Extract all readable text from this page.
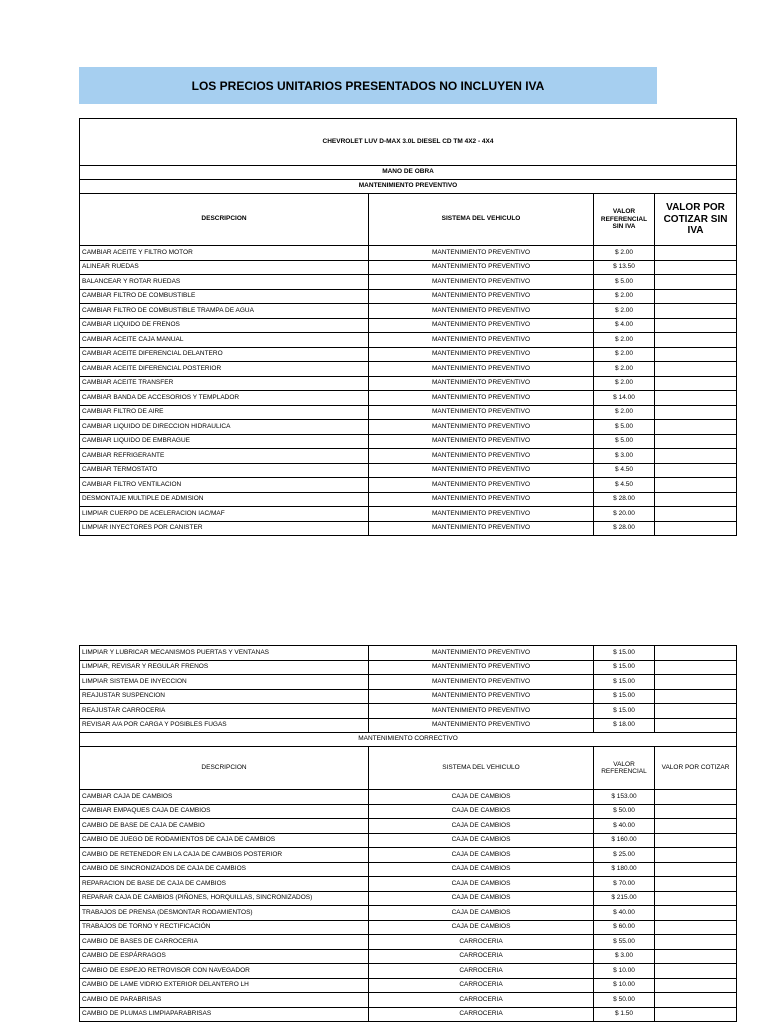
LOS PRECIOS UNITARIOS PRESENTADOS NO INCLUYEN IVA
CHEVROLET LUV D-MAX 3.0L DIESEL CD TM 4X2 - 4X4			
MANO DE OBRA			
MANTENIMIENTO PREVENTIVO			
DESCRIPCION	SISTEMA DEL VEHICULO	VALOR REFERENCIAL SIN IVA	VALOR POR COTIZAR SIN IVA
CAMBIAR ACEITE Y FILTRO MOTOR	MANTENIMIENTO PREVENTIVO	$ 2.00	
ALINEAR RUEDAS	MANTENIMIENTO PREVENTIVO	$ 13.50	
BALANCEAR Y ROTAR RUEDAS	MANTENIMIENTO PREVENTIVO	$ 5.00	
CAMBIAR FILTRO DE COMBUSTIBLE	MANTENIMIENTO PREVENTIVO	$ 2.00	
CAMBIAR FILTRO DE COMBUSTIBLE TRAMPA DE AGUA	MANTENIMIENTO PREVENTIVO	$ 2.00	
CAMBIAR LIQUIDO DE FRENOS	MANTENIMIENTO PREVENTIVO	$ 4.00	
CAMBIAR ACEITE CAJA MANUAL	MANTENIMIENTO PREVENTIVO	$ 2.00	
CAMBIAR ACEITE DIFERENCIAL DELANTERO	MANTENIMIENTO PREVENTIVO	$ 2.00	
CAMBIAR ACEITE DIFERENCIAL POSTERIOR	MANTENIMIENTO PREVENTIVO	$ 2.00	
CAMBIAR ACEITE TRANSFER	MANTENIMIENTO PREVENTIVO	$ 2.00	
CAMBIAR BANDA DE ACCESORIOS Y TEMPLADOR	MANTENIMIENTO PREVENTIVO	$ 14.00	
CAMBIAR FILTRO DE AIRE	MANTENIMIENTO PREVENTIVO	$ 2.00	
CAMBIAR LIQUIDO DE DIRECCION HIDRAULICA	MANTENIMIENTO PREVENTIVO	$ 5.00	
CAMBIAR LIQUIDO DE EMBRAGUE	MANTENIMIENTO PREVENTIVO	$ 5.00	
CAMBIAR REFRIGERANTE	MANTENIMIENTO PREVENTIVO	$ 3.00	
CAMBIAR TERMOSTATO	MANTENIMIENTO PREVENTIVO	$ 4.50	
CAMBIAR FILTRO VENTILACION	MANTENIMIENTO PREVENTIVO	$ 4.50	
DESMONTAJE MULTIPLE DE ADMISION	MANTENIMIENTO PREVENTIVO	$ 28.00	
LIMPIAR CUERPO DE ACELERACION IAC/MAF	MANTENIMIENTO PREVENTIVO	$ 20.00	
LIMPIAR INYECTORES POR CANISTER	MANTENIMIENTO PREVENTIVO	$ 28.00	
LIMPIAR Y LUBRICAR MECANISMOS PUERTAS Y VENTANAS	MANTENIMIENTO PREVENTIVO	$ 15.00	
LIMPIAR, REVISAR Y REGULAR FRENOS	MANTENIMIENTO PREVENTIVO	$ 15.00	
LIMPIAR SISTEMA DE INYECCION	MANTENIMIENTO PREVENTIVO	$ 15.00	
REAJUSTAR SUSPENCION	MANTENIMIENTO PREVENTIVO	$ 15.00	
REAJUSTAR CARROCERIA	MANTENIMIENTO PREVENTIVO	$ 15.00	
REVISAR A/A POR CARGA Y POSIBLES FUGAS	MANTENIMIENTO PREVENTIVO	$ 18.00	
MANTENIMIENTO CORRECTIVO			
DESCRIPCION	SISTEMA DEL VEHICULO	VALOR REFERENCIAL	VALOR POR COTIZAR
CAMBIAR CAJA DE CAMBIOS	CAJA DE CAMBIOS	$ 153.00	
CAMBIAR EMPAQUES CAJA DE CAMBIOS	CAJA DE CAMBIOS	$ 50.00	
CAMBIO DE BASE DE CAJA DE CAMBIO	CAJA DE CAMBIOS	$ 40.00	
CAMBIO DE JUEGO DE RODAMIENTOS DE CAJA DE CAMBIOS	CAJA DE CAMBIOS	$ 160.00	
CAMBIO DE RETENEDOR EN LA CAJA DE CAMBIOS POSTERIOR	CAJA DE CAMBIOS	$ 25.00	
CAMBIO DE SINCRONIZADOS DE CAJA DE CAMBIOS	CAJA DE CAMBIOS	$ 180.00	
REPARACION DE BASE DE CAJA DE CAMBIOS	CAJA DE CAMBIOS	$ 70.00	
REPARAR CAJA DE CAMBIOS (PIÑONES, HORQUILLAS, SINCRONIZADOS)	CAJA DE CAMBIOS	$ 215.00	
TRABAJOS DE PRENSA (DESMONTAR RODAMIENTOS)	CAJA DE CAMBIOS	$ 40.00	
TRABAJOS DE TORNO Y RECTIFICACIÓN	CAJA DE CAMBIOS	$ 60.00	
CAMBIO DE BASES DE CARROCERIA	CARROCERIA	$ 55.00	
CAMBIO DE ESPÁRRAGOS	CARROCERIA	$ 3.00	
CAMBIO DE ESPEJO RETROVISOR CON NAVEGADOR	CARROCERIA	$ 10.00	
CAMBIO DE LAME VIDRIO EXTERIOR DELANTERO LH	CARROCERIA	$ 10.00	
CAMBIO DE PARABRISAS	CARROCERIA	$ 50.00	
CAMBIO DE PLUMAS LIMPIAPARABRISAS	CARROCERIA	$ 1.50	
